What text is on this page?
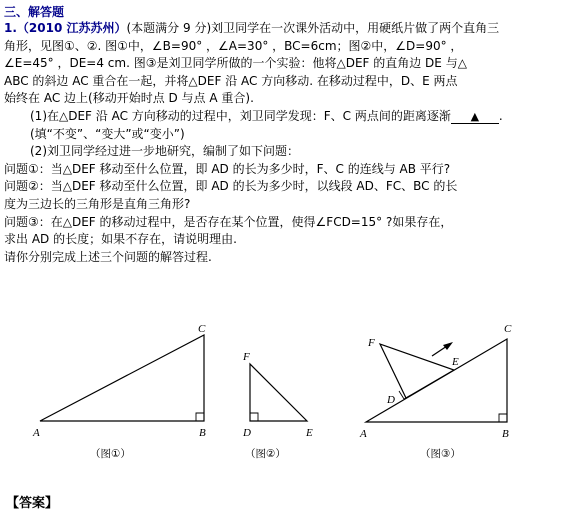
三、解答题
1.（2010 江苏苏州）(本题满分 9 分)刘卫同学在一次课外活动中，用硬纸片做了两个直角三
角形，见图①、②. 图①中，∠B=90° ，∠A=30° ，BC=6cm；图②中，∠D=90° ，
∠E=45° ，DE=4 cm. 图③是刘卫同学所做的一个实验：他将△DEF 的直角边 DE 与△
ABC 的斜边 AC 重合在一起，并将△DEF 沿 AC 方向移动. 在移动过程中，D、E 两点
始终在 AC 边上(移动开始时点 D 与点 A 重合).
(1)在△DEF 沿 AC 方向移动的过程中，刘卫同学发现：F、C 两点间的距离逐渐 ▲ .
(填“不变”、“变大”或“变小”)
(2)刘卫同学经过进一步地研究，编制了如下问题：
问题①：当△DEF 移动至什么位置，即 AD 的长为多少时，F、C 的连线与 AB 平行?
问题②：当△DEF 移动至什么位置，即 AD 的长为多少时，以线段 AD、FC、BC 的长
度为三边长的三角形是直角三角形?
问题③：在△DEF 的移动过程中，是否存在某个位置，使得∠FCD=15° ?如果存在，
求出 AD 的长度；如果不存在，请说明理由.
请你分别完成上述三个问题的解答过程.
A	B
C
（图①）
F
D	E
（图②）
F
E
D
A	B
C
（图③）
【答案】
